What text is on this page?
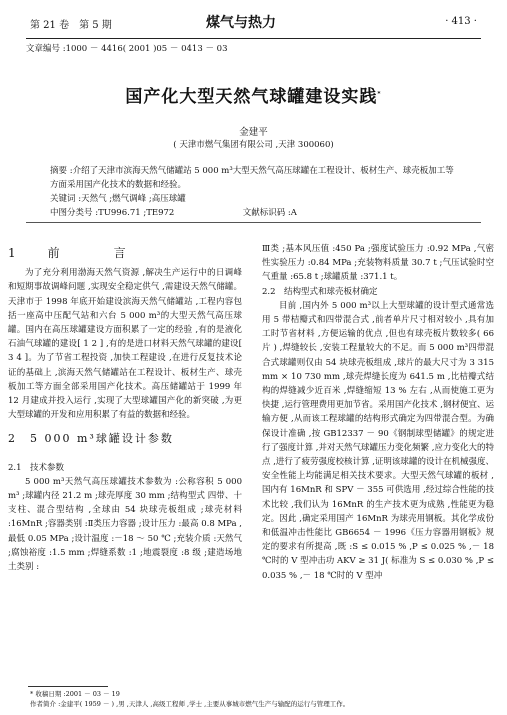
第 21 卷　第 5 期	煤气与热力	· 413 ·
文章编号 :1000 － 4416( 2001 )05 － 0413 － 03
国产化大型天然气球罐建设实践*
金建平
( 天津市燃气集团有限公司 ,天津 300060)
摘要 :介绍了天津市滨海天然气储罐站 5 000 m³大型天然气高压球罐在工程设计、板材生产、球壳板加工等方面采用国产化技术的数据和经验。
关键词 :天然气 ;燃气调峰 ;高压球罐
中图分类号 :TU996.71 ;TE972	文献标识码 :A
1　前　　言

为了充分利用渤海天然气资源 ,解决生产运行中的日调峰和短期事故调峰问题 ,实现安全稳定供气 ,需建设天然气储罐。天津市于 1998 年底开始建设滨海天然气储罐站 ,工程内容包括一座高中压配气站和六台 5 000 m³的大型天然气高压球罐。国内在高压球罐建设方面积累了一定的经验 ,有的是液化石油气球罐的建设[ 1 2 ] ,有的是进口材料天然气球罐的建设[ 3 4 ]。为了节省工程投资 ,加快工程建设 ,在进行反复技术论证的基础上 ,滨海天然气储罐站在工程设计、板材生产、球壳板加工等方面全部采用国产化技术。高压储罐站于 1999 年 12 月建成并投入运行 ,实现了大型球罐国产化的新突破 ,为更大型球罐的开发和应用积累了有益的数据和经验。

2　5 000 m³球罐设计参数
2.1　技术参数

5 000 m³天然气高压球罐技术参数为 :公称容积 5 000 m³ ;球罐内径 21.2 m ;球壳厚度 30 mm ;结构型式 四带、十支柱、混合型结构 ,全球由 54 块球壳板组成 ;球壳材料 :16MnR ;容器类别 :Ⅱ类压力容器 ;设计压力 :最高 0.8 MPa ,最低 0.05 MPa ;设计温度 :－18 ～ 50 ℃ ;充装介质 :天然气 ;腐蚀裕度 :1.5 mm ;焊缝系数 :1 ;地震裂度 :8 级 ;建造场地土类别 :

Ⅲ类 ;基本风压值 :450 Pa ;强度试验压力 :0.92 MPa ,气密性实验压力 :0.84 MPa ;充装物料质量 30.7 t ;气压试验时空气重量 :65.8 t ;球罐质量 :371.1 t。
2.2　结构型式和球壳板材确定

目前 ,国内外 5 000 m³以上大型球罐的设计型式通常选用 5 带桔瓣式和四带混合式 ,前者单片尺寸相对较小 ,具有加工时节省材料 ,方便运输的优点 ,但也有球壳板片数较多( 66 片 ) ,焊缝较长 ,安装工程量较大的不足。而 5 000 m³四带混合式球罐则仅由 54 块球壳板组成 ,球片的最大尺寸为 3 315 mm × 10 730 mm ,球壳焊缝长度为 641.5 m ,比桔瓣式结构的焊缝减少近百米 ,焊缝缩短 13 % 左右 ,从而使施工更为快捷 ,运行管理费用更加节省。采用国产化技术 ,钢材便宜、运输方便 ,从而该工程球罐的结构形式确定为四带混合型。为确保设计准确 ,按 GB12337 － 90《钢制球型储罐》的规定进行了强度计算 ,并对天然气球罐压力变化频繁 ,应力变化大的特点 ,进行了疲劳强度校核计算 ,证明该球罐的设计在机械强度、安全性能上均能满足相关技术要求。大型天然气球罐的板材 ,国内有 16MnR 和 SPV － 355 可供选用 ,经过综合性能的技术比较 ,我们认为 16MnR 的生产技术更为成熟 ,性能更为稳定。因此 ,确定采用国产 16MnR 为球壳用钢板。其化学成份和低温冲击性能比 GB6654 － 1996《压力容器用钢板》规定的要求有所提高 ,既 :S ≤ 0.015 % ,P ≤ 0.025 % ,－ 18 ℃时的 V 型冲击功 AKV ≥ 31 J( 标准为 S ≤ 0.030 % ,P ≤ 0.035 % ,－ 18 ℃时的 V 型冲

* 收稿日期 :2001 － 03 － 19
作者简介 :金建平( 1959 － ) ,男 ,天津人 ,高级工程师 ,学士 ,主要从事城市燃气生产与输配的运行与管理工作。
